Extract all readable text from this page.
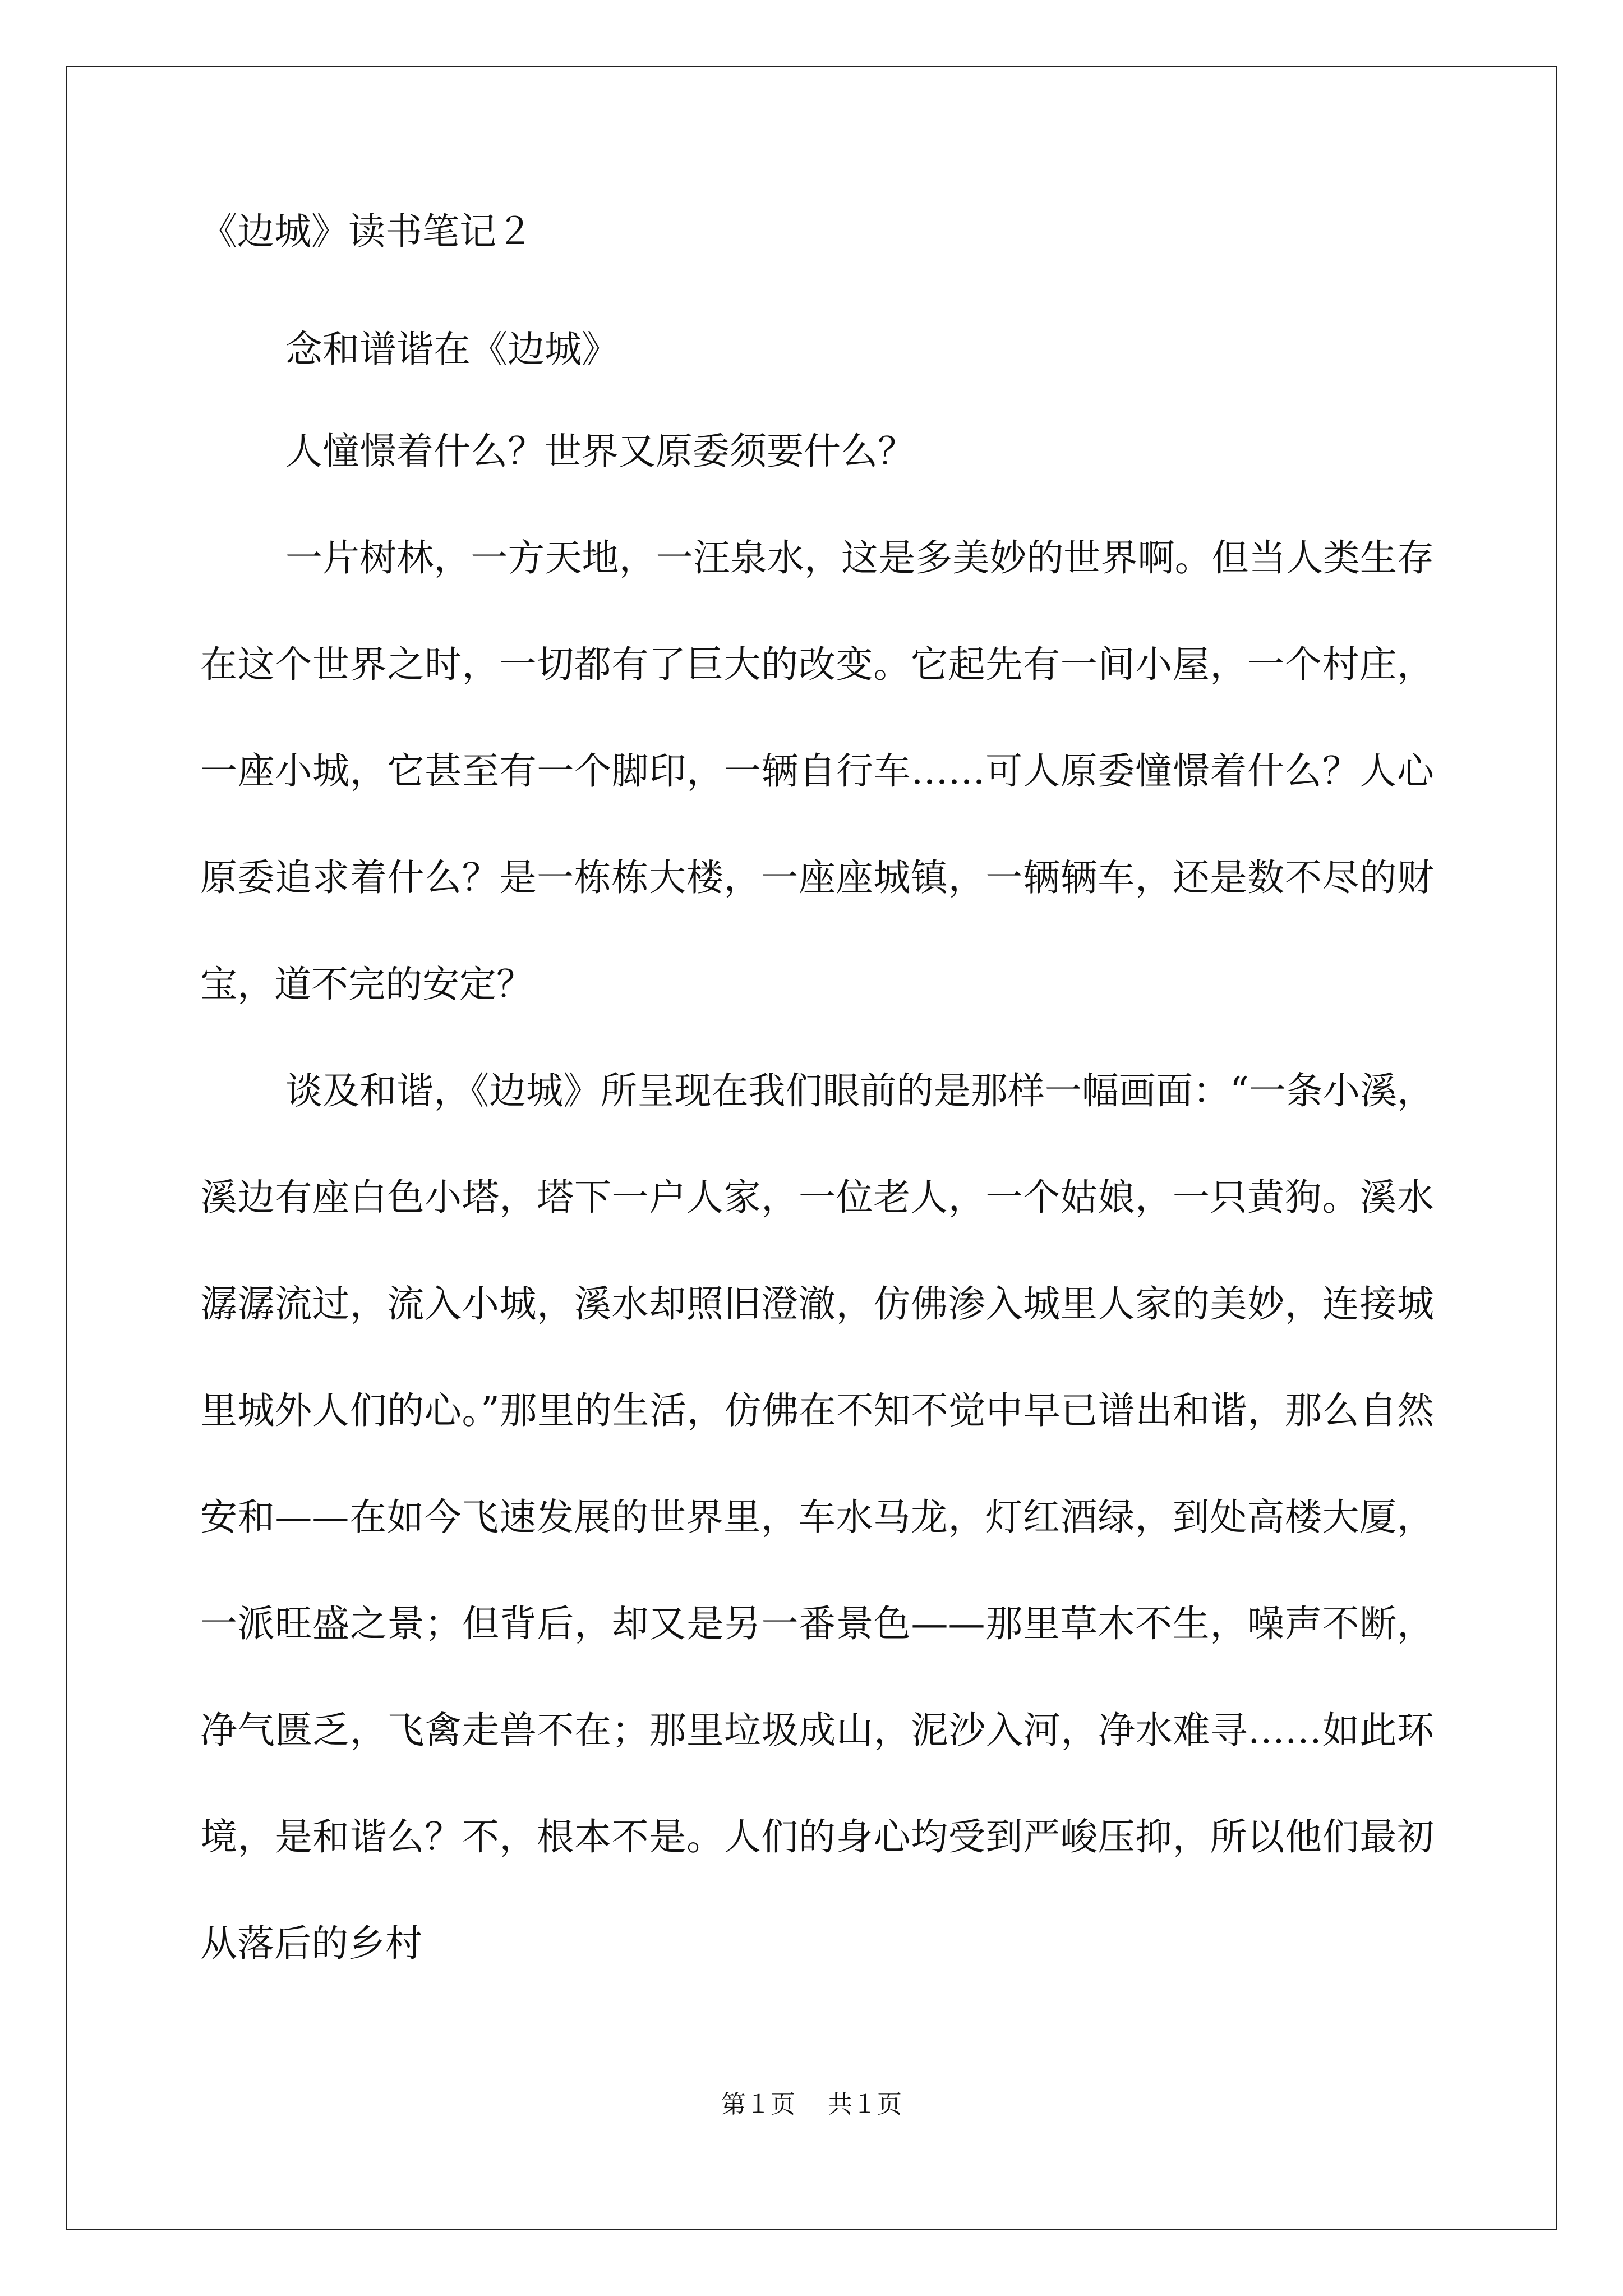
《边城》读书笔记２

念和谱谐在《边城》

人憧憬着什么？世界又原委须要什么？

一片树林，一方天地，一汪泉水，这是多美妙的世界啊。但当人类生存在这个世界之时，一切都有了巨大的改变。它起先有一间小屋，一个村庄，一座小城，它甚至有一个脚印，一辆自行车……可人原委憧憬着什么？人心原委追求着什么？是一栋栋大楼，一座座城镇，一辆辆车，还是数不尽的财宝，道不完的安定？

谈及和谐，《边城》所呈现在我们眼前的是那样一幅画面：“一条小溪，溪边有座白色小塔，塔下一户人家，一位老人，一个姑娘，一只黄狗。溪水潺潺流过，流入小城，溪水却照旧澄澈，仿佛渗入城里人家的美妙，连接城里城外人们的心。”那里的生活，仿佛在不知不觉中早已谱出和谐，那么自然安和——在如今飞速发展的世界里，车水马龙，灯红酒绿，到处高楼大厦，一派旺盛之景；但背后，却又是另一番景色——那里草木不生，噪声不断，净气匮乏，飞禽走兽不在；那里垃圾成山，泥沙入河，净水难寻……如此环境，是和谐么？不，根本不是。人们的身心均受到严峻压抑，所以他们最初从落后的乡村

第１页　 共１页
